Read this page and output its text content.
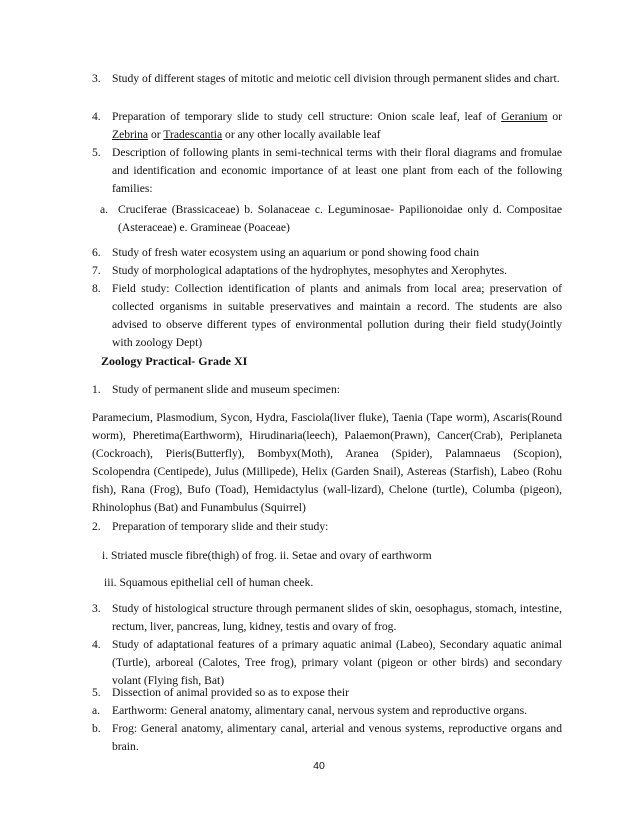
3. Study of different stages of mitotic and meiotic cell division through permanent slides and chart.
4. Preparation of temporary slide to study cell structure: Onion scale leaf, leaf of Geranium or Zebrina or Tradescantia or any other locally available leaf
5. Description of following plants in semi-technical terms with their floral diagrams and fromulae and identification and economic importance of at least one plant from each of the following families:
a. Cruciferae (Brassicaceae) b. Solanaceae c. Leguminosae- Papilionoidae only d. Compositae (Asteraceae) e. Gramineae (Poaceae)
6. Study of fresh water ecosystem using an aquarium or pond showing food chain
7. Study of morphological adaptations of the hydrophytes, mesophytes and Xerophytes.
8. Field study: Collection identification of plants and animals from local area; preservation of collected organisms in suitable preservatives and maintain a record. The students are also advised to observe different types of environmental pollution during their field study(Jointly with zoology Dept)
Zoology Practical- Grade XI
1. Study of permanent slide and museum specimen:
Paramecium, Plasmodium, Sycon, Hydra, Fasciola(liver fluke), Taenia (Tape worm), Ascaris(Round worm), Pheretima(Earthworm), Hirudinaria(leech), Palaemon(Prawn), Cancer(Crab), Periplaneta (Cockroach), Pieris(Butterfly), Bombyx(Moth), Aranea (Spider), Palamnaeus (Scopion), Scolopendra (Centipede), Julus (Millipede), Helix (Garden Snail), Astereas (Starfish), Labeo (Rohu fish), Rana (Frog), Bufo (Toad), Hemidactylus (wall-lizard), Chelone (turtle), Columba (pigeon), Rhinolophus (Bat) and Funambulus (Squirrel)
2. Preparation of temporary slide and their study:
i. Striated muscle fibre(thigh) of frog. ii. Setae and ovary of earthworm
iii. Squamous epithelial cell of human cheek.
3. Study of histological structure through permanent slides of skin, oesophagus, stomach, intestine, rectum, liver, pancreas, lung, kidney, testis and ovary of frog.
4. Study of adaptational features of a primary aquatic animal (Labeo), Secondary aquatic animal (Turtle), arboreal (Calotes, Tree frog), primary volant (pigeon or other birds) and secondary volant (Flying fish, Bat)
5. Dissection of animal provided so as to expose their
a. Earthworm: General anatomy, alimentary canal, nervous system and reproductive organs.
b. Frog: General anatomy, alimentary canal, arterial and venous systems, reproductive organs and brain.
40
